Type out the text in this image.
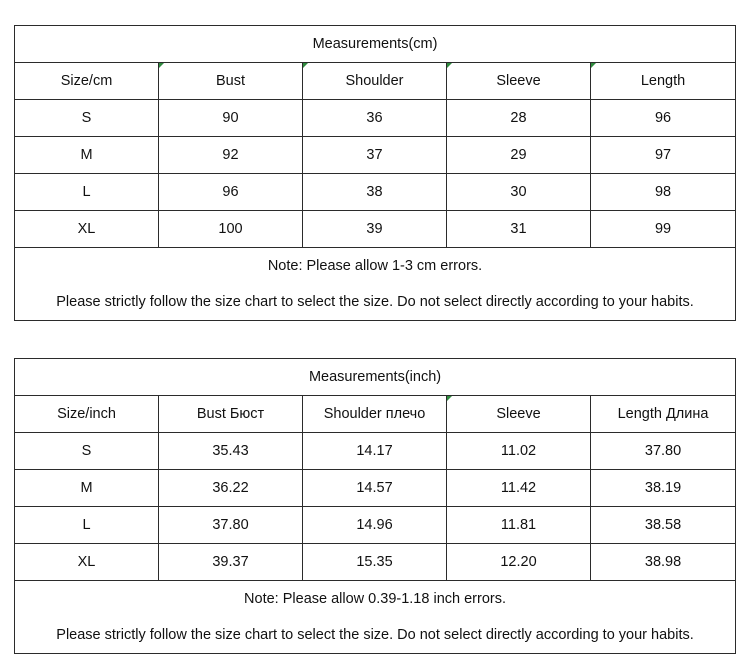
Measurements(cm)				
Size/cm	Bust	Shoulder	Sleeve	Length
S	90	36	28	96
M	92	37	29	97
L	96	38	30	98
XL	100	39	31	99
Note: Please allow 1-3 cm errors.				
Please strictly follow the size chart to select the size. Do not select directly according to your habits.				
Measurements(inch)				
Size/inch	Bust Бюст	Shoulder плечо	Sleeve	Length Длина
S	35.43	14.17	11.02	37.80
M	36.22	14.57	11.42	38.19
L	37.80	14.96	11.81	38.58
XL	39.37	15.35	12.20	38.98
Note: Please allow 0.39-1.18 inch errors.				
Please strictly follow the size chart to select the size. Do not select directly according to your habits.				
